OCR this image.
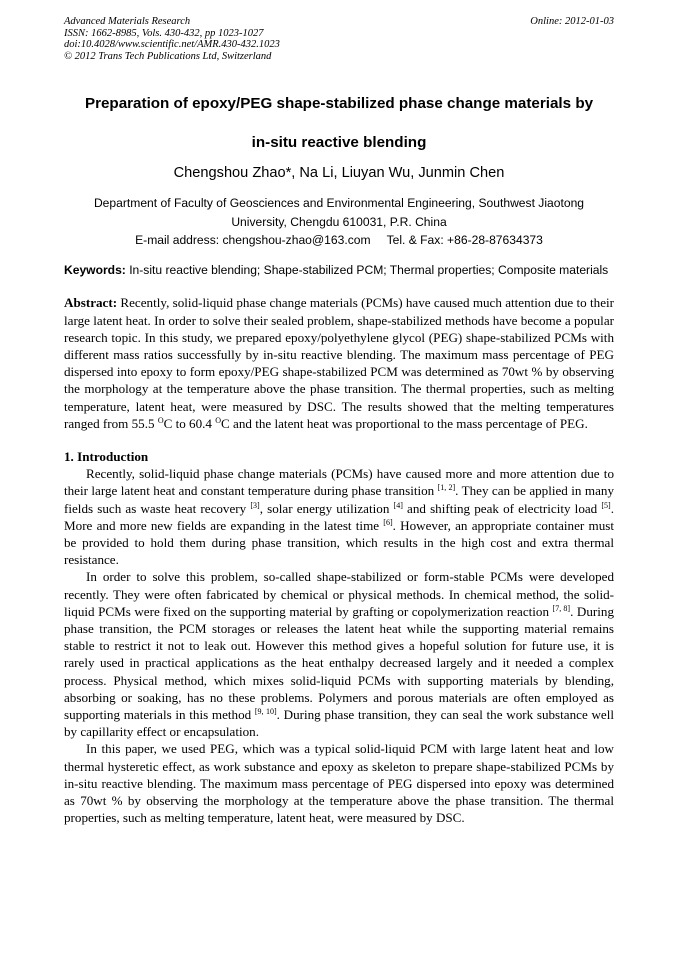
Advanced Materials Research
ISSN: 1662-8985, Vols. 430-432, pp 1023-1027
doi:10.4028/www.scientific.net/AMR.430-432.1023
© 2012 Trans Tech Publications Ltd, Switzerland
Online: 2012-01-03
Preparation of epoxy/PEG shape-stabilized phase change materials by
in-situ reactive blending
Chengshou Zhao*, Na Li, Liuyan Wu, Junmin Chen
Department of Faculty of Geosciences and Environmental Engineering, Southwest Jiaotong
University, Chengdu 610031, P.R. China
E-mail address: chengshou-zhao@163.com Tel. & Fax: +86-28-87634373
Keywords: In-situ reactive blending; Shape-stabilized PCM; Thermal properties; Composite materials
Abstract: Recently, solid-liquid phase change materials (PCMs) have caused much attention due to their large latent heat. In order to solve their sealed problem, shape-stabilized methods have become a popular research topic. In this study, we prepared epoxy/polyethylene glycol (PEG) shape-stabilized PCMs with different mass ratios successfully by in-situ reactive blending. The maximum mass percentage of PEG dispersed into epoxy to form epoxy/PEG shape-stabilized PCM was determined as 70wt % by observing the morphology at the temperature above the phase transition. The thermal properties, such as melting temperature, latent heat, were measured by DSC. The results showed that the melting temperatures ranged from 55.5 $^O$C to 60.4 $^O$C and the latent heat was proportional to the mass percentage of PEG.
1. Introduction
Recently, solid-liquid phase change materials (PCMs) have caused more and more attention due to their large latent heat and constant temperature during phase transition [1, 2]. They can be applied in many fields such as waste heat recovery [3], solar energy utilization [4] and shifting peak of electricity load [5]. More and more new fields are expanding in the latest time [6]. However, an appropriate container must be provided to hold them during phase transition, which results in the high cost and extra thermal resistance.
In order to solve this problem, so-called shape-stabilized or form-stable PCMs were developed recently. They were often fabricated by chemical or physical methods. In chemical method, the solid-liquid PCMs were fixed on the supporting material by grafting or copolymerization reaction [7, 8]. During phase transition, the PCM storages or releases the latent heat while the supporting material remains stable to restrict it not to leak out. However this method gives a hopeful solution for future use, it is rarely used in practical applications as the heat enthalpy decreased largely and it needed a complex process. Physical method, which mixes solid-liquid PCMs with supporting materials by blending, absorbing or soaking, has no these problems. Polymers and porous materials are often employed as supporting materials in this method [9, 10]. During phase transition, they can seal the work substance well by capillarity effect or encapsulation.
In this paper, we used PEG, which was a typical solid-liquid PCM with large latent heat and low thermal hysteretic effect, as work substance and epoxy as skeleton to prepare shape-stabilized PCMs by in-situ reactive blending. The maximum mass percentage of PEG dispersed into epoxy was determined as 70wt % by observing the morphology at the temperature above the phase transition. The thermal properties, such as melting temperature, latent heat, were measured by DSC.
